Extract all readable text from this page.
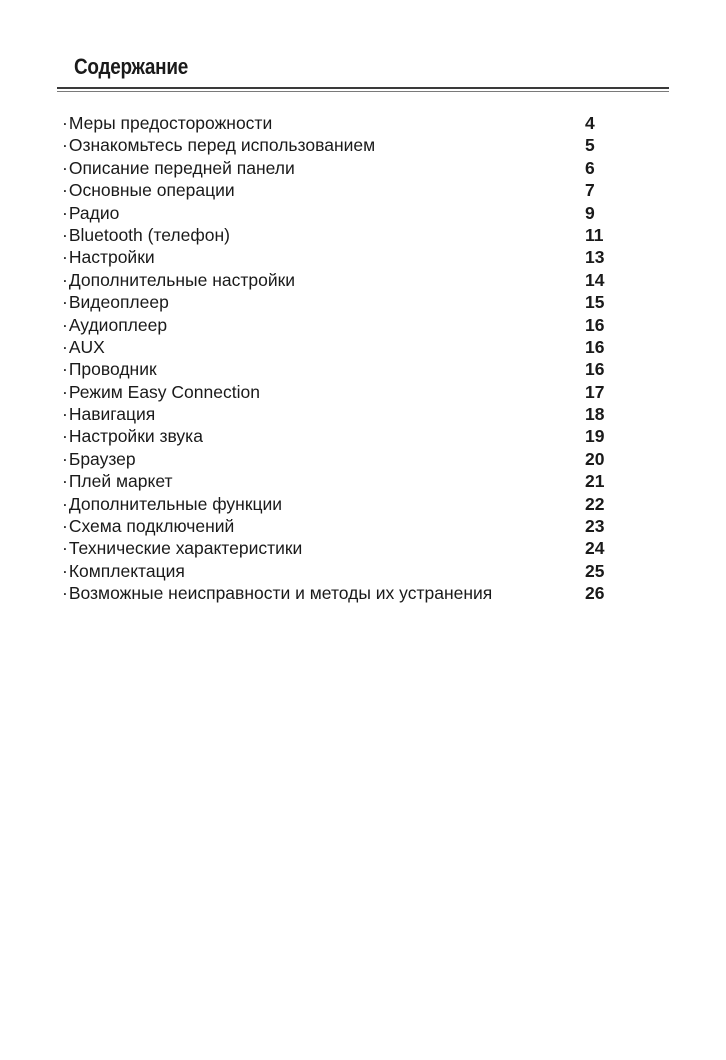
Содержание
· Меры предосторожности	4
· Ознакомьтесь перед использованием	5
· Описание передней панели	6
· Основные операции	7
· Радио	9
· Bluetooth (телефон)	11
· Настройки	13
· Дополнительные настройки	14
· Видеоплеер	15
· Аудиоплеер	16
· AUX	16
· Проводник	16
· Режим Easy Connection	17
· Навигация	18
· Настройки звука	19
· Браузер	20
· Плей маркет	21
· Дополнительные функции	22
· Схема подключений	23
· Технические характеристики	24
· Комплектация	25
· Возможные неисправности и методы их устранения	26
